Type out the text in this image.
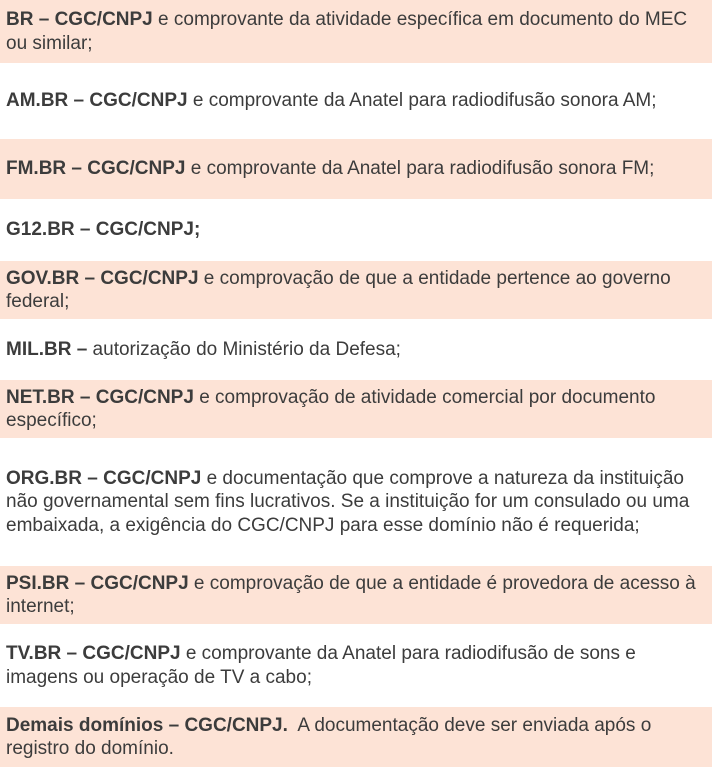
BR – CGC/CNPJ e comprovante da atividade específica em documento do MEC ou similar;

AM.BR – CGC/CNPJ e comprovante da Anatel para radiodifusão sonora AM;

FM.BR – CGC/CNPJ e comprovante da Anatel para radiodifusão sonora FM;

G12.BR – CGC/CNPJ;

GOV.BR – CGC/CNPJ e comprovação de que a entidade pertence ao governo federal;

MIL.BR – autorização do Ministério da Defesa;

NET.BR – CGC/CNPJ e comprovação de atividade comercial por documento específico;

ORG.BR – CGC/CNPJ e documentação que comprove a natureza da instituição não governamental sem fins lucrativos. Se a instituição for um consulado ou uma embaixada, a exigência do CGC/CNPJ para esse domínio não é requerida;

PSI.BR – CGC/CNPJ e comprovação de que a entidade é provedora de acesso à internet;

TV.BR – CGC/CNPJ e comprovante da Anatel para radiodifusão de sons e imagens ou operação de TV a cabo;

Demais domínios – CGC/CNPJ.  A documentação deve ser enviada após o registro do domínio.
